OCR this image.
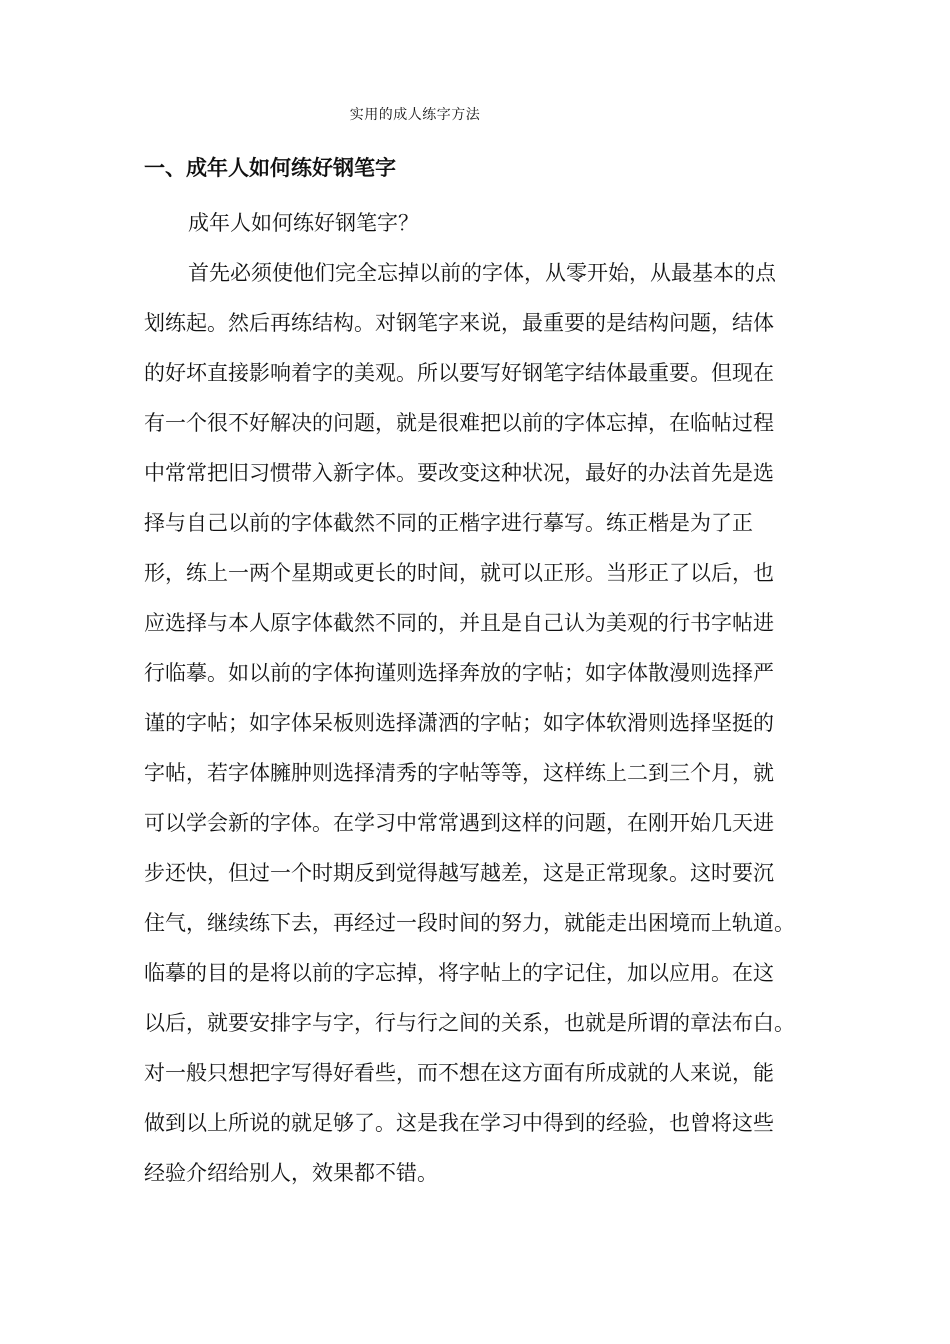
实用的成人练字方法
一、成年人如何练好钢笔字
成年人如何练好钢笔字？
首先必须使他们完全忘掉以前的字体，从零开始，从最基本的点
划练起。然后再练结构。对钢笔字来说，最重要的是结构问题，结体
的好坏直接影响着字的美观。所以要写好钢笔字结体最重要。但现在
有一个很不好解决的问题，就是很难把以前的字体忘掉，在临帖过程
中常常把旧习惯带入新字体。要改变这种状况，最好的办法首先是选
择与自己以前的字体截然不同的正楷字进行摹写。练正楷是为了正
形，练上一两个星期或更长的时间，就可以正形。当形正了以后，也
应选择与本人原字体截然不同的，并且是自己认为美观的行书字帖进
行临摹。如以前的字体拘谨则选择奔放的字帖；如字体散漫则选择严
谨的字帖；如字体呆板则选择潇洒的字帖；如字体软滑则选择坚挺的
字帖，若字体臃肿则选择清秀的字帖等等，这样练上二到三个月，就
可以学会新的字体。在学习中常常遇到这样的问题，在刚开始几天进
步还快，但过一个时期反到觉得越写越差，这是正常现象。这时要沉
住气，继续练下去，再经过一段时间的努力，就能走出困境而上轨道。
临摹的目的是将以前的字忘掉，将字帖上的字记住，加以应用。在这
以后，就要安排字与字，行与行之间的关系，也就是所谓的章法布白。
对一般只想把字写得好看些，而不想在这方面有所成就的人来说，能
做到以上所说的就足够了。这是我在学习中得到的经验，也曾将这些
经验介绍给别人，效果都不错。
